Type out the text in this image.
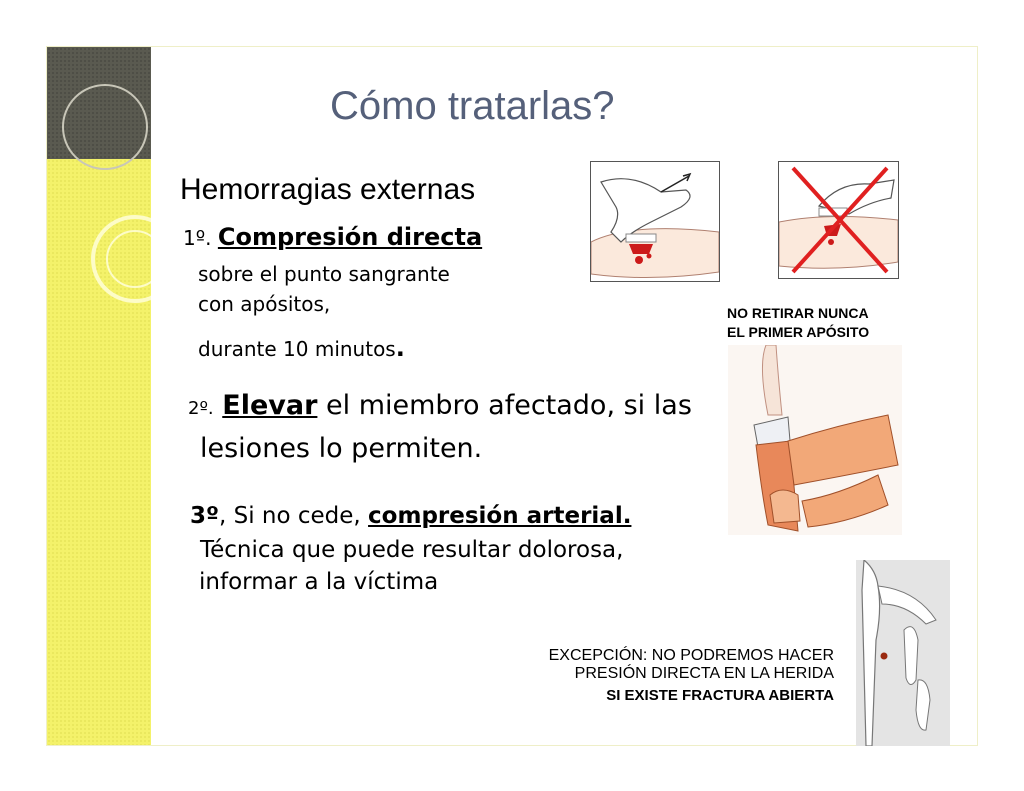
Cómo tratarlas?
Hemorragias externas
1º. Compresión directa
sobre el punto sangrante
con apósitos,
durante 10 minutos.
2º. Elevar el miembro afectado, si las
lesiones lo permiten.
3º, Si no cede, compresión arterial.
Técnica que puede resultar dolorosa,
informar a la víctima
NO RETIRAR NUNCA
EL PRIMER APÓSITO
EXCEPCIÓN: NO PODREMOS HACER
PRESIÓN DIRECTA EN LA HERIDA
SI EXISTE FRACTURA ABIERTA
